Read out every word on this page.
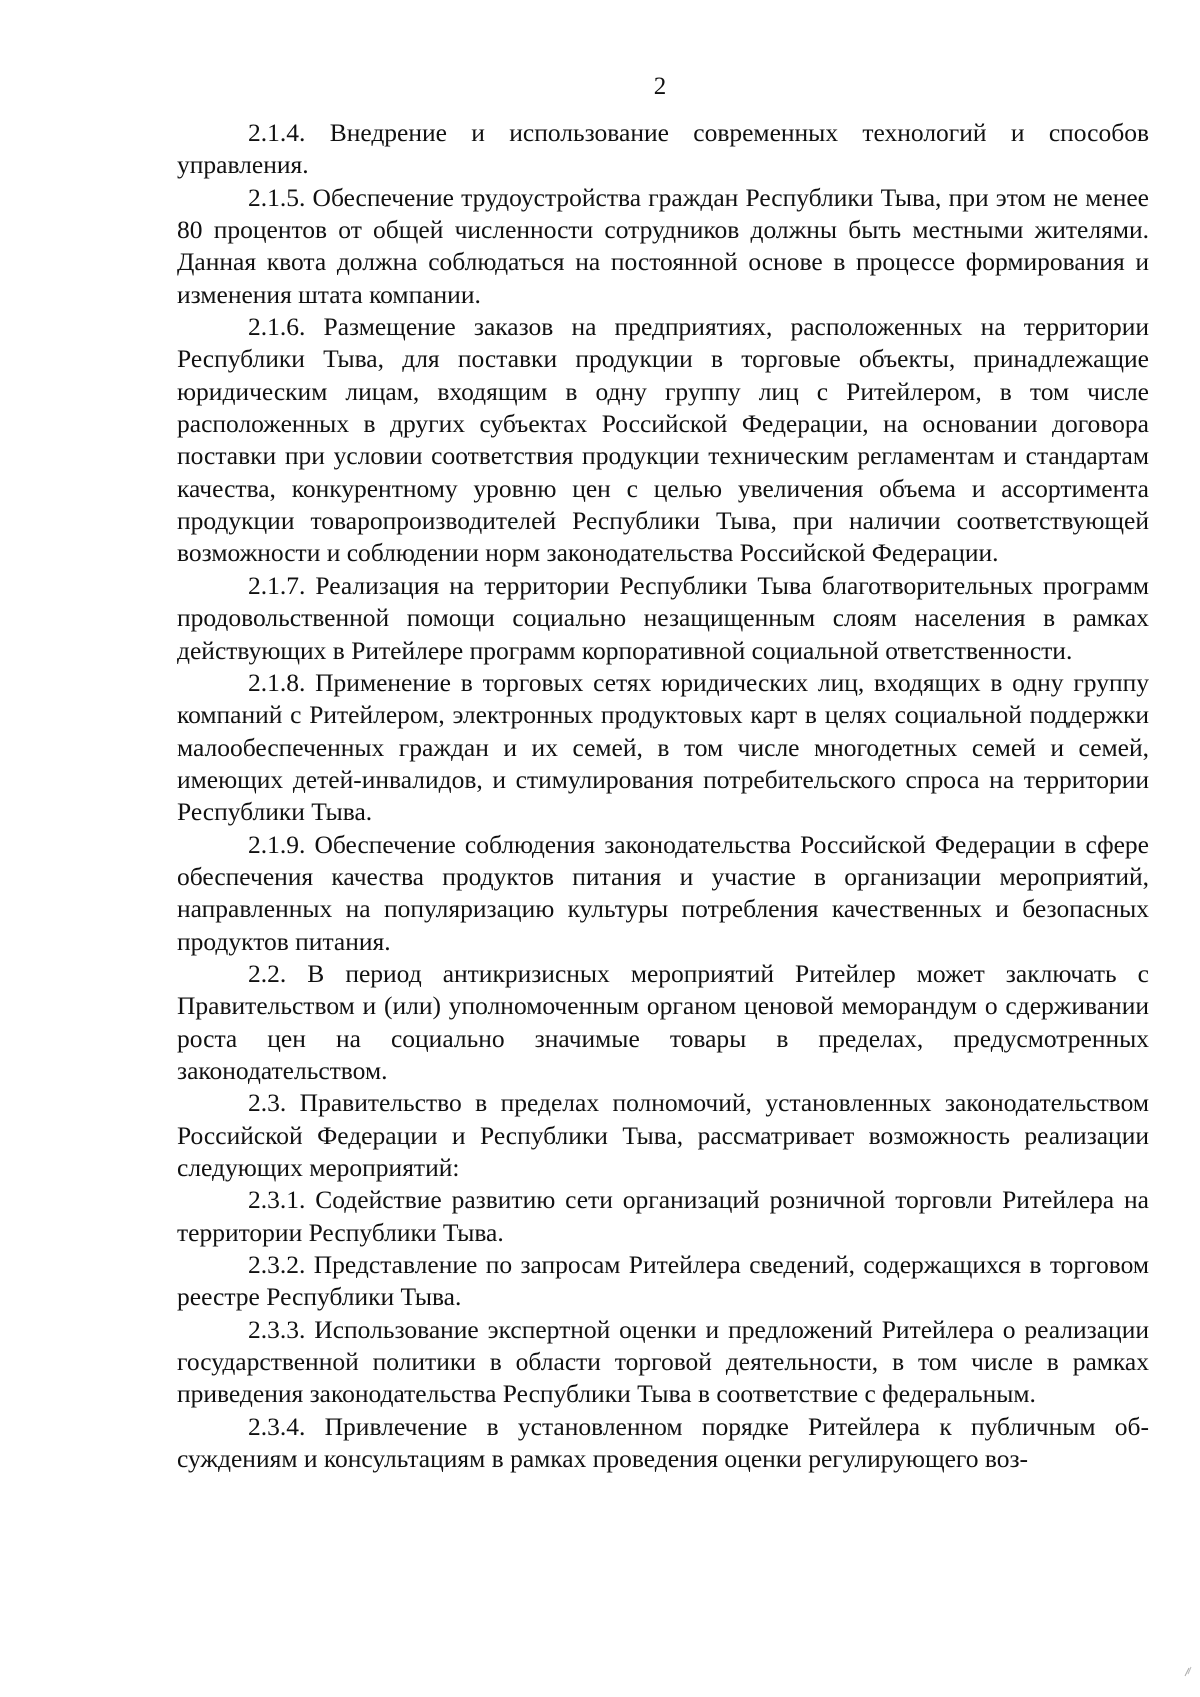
2

2.1.4. Внедрение и использование современных технологий и способов управления.

2.1.5. Обеспечение трудоустройства граждан Республики Тыва, при этом не менее 80 процентов от общей численности сотрудников должны быть местными жителями. Данная квота должна соблюдаться на постоянной основе в процессе формирования и изменения штата компании.

2.1.6. Размещение заказов на предприятиях, расположенных на территории Республики Тыва, для поставки продукции в торговые объекты, принадлежащие юридическим лицам, входящим в одну группу лиц с Ритейлером, в том числе расположенных в других субъектах Российской Федерации, на основании договора поставки при условии соответствия продукции техническим регламентам и стандартам качества, конкурентному уровню цен с целью увеличения объема и ассортимента продукции товаропроизводителей Республики Тыва, при наличии соответствующей возможности и соблюдении норм законодательства Российской Федерации.

2.1.7. Реализация на территории Республики Тыва благотворительных программ продовольственной помощи социально незащищенным слоям населения в рамках действующих в Ритейлере программ корпоративной социальной ответственности.

2.1.8. Применение в торговых сетях юридических лиц, входящих в одну группу компаний с Ритейлером, электронных продуктовых карт в целях социальной поддержки малообеспеченных граждан и их семей, в том числе многодетных семей и семей, имеющих детей-инвалидов, и стимулирования потребительского спроса на территории Республики Тыва.

2.1.9. Обеспечение соблюдения законодательства Российской Федерации в сфере обеспечения качества продуктов питания и участие в организации мероприятий, направленных на популяризацию культуры потребления качественных и безопасных продуктов питания.

2.2. В период антикризисных мероприятий Ритейлер может заключать с Правительством и (или) уполномоченным органом ценовой меморандум о сдерживании роста цен на социально значимые товары в пределах, предусмотренных законодательством.

2.3. Правительство в пределах полномочий, установленных законодательством Российской Федерации и Республики Тыва, рассматривает возможность реализации следующих мероприятий:

2.3.1. Содействие развитию сети организаций розничной торговли Ритейлера на территории Республики Тыва.

2.3.2. Представление по запросам Ритейлера сведений, содержащихся в торговом реестре Республики Тыва.

2.3.3. Использование экспертной оценки и предложений Ритейлера о реализации государственной политики в области торговой деятельности, в том числе в рамках приведения законодательства Республики Тыва в соответствие с федеральным.

2.3.4. Привлечение в установленном порядке Ритейлера к публичным обсуждениям и консультациям в рамках проведения оценки регулирующего воз-
